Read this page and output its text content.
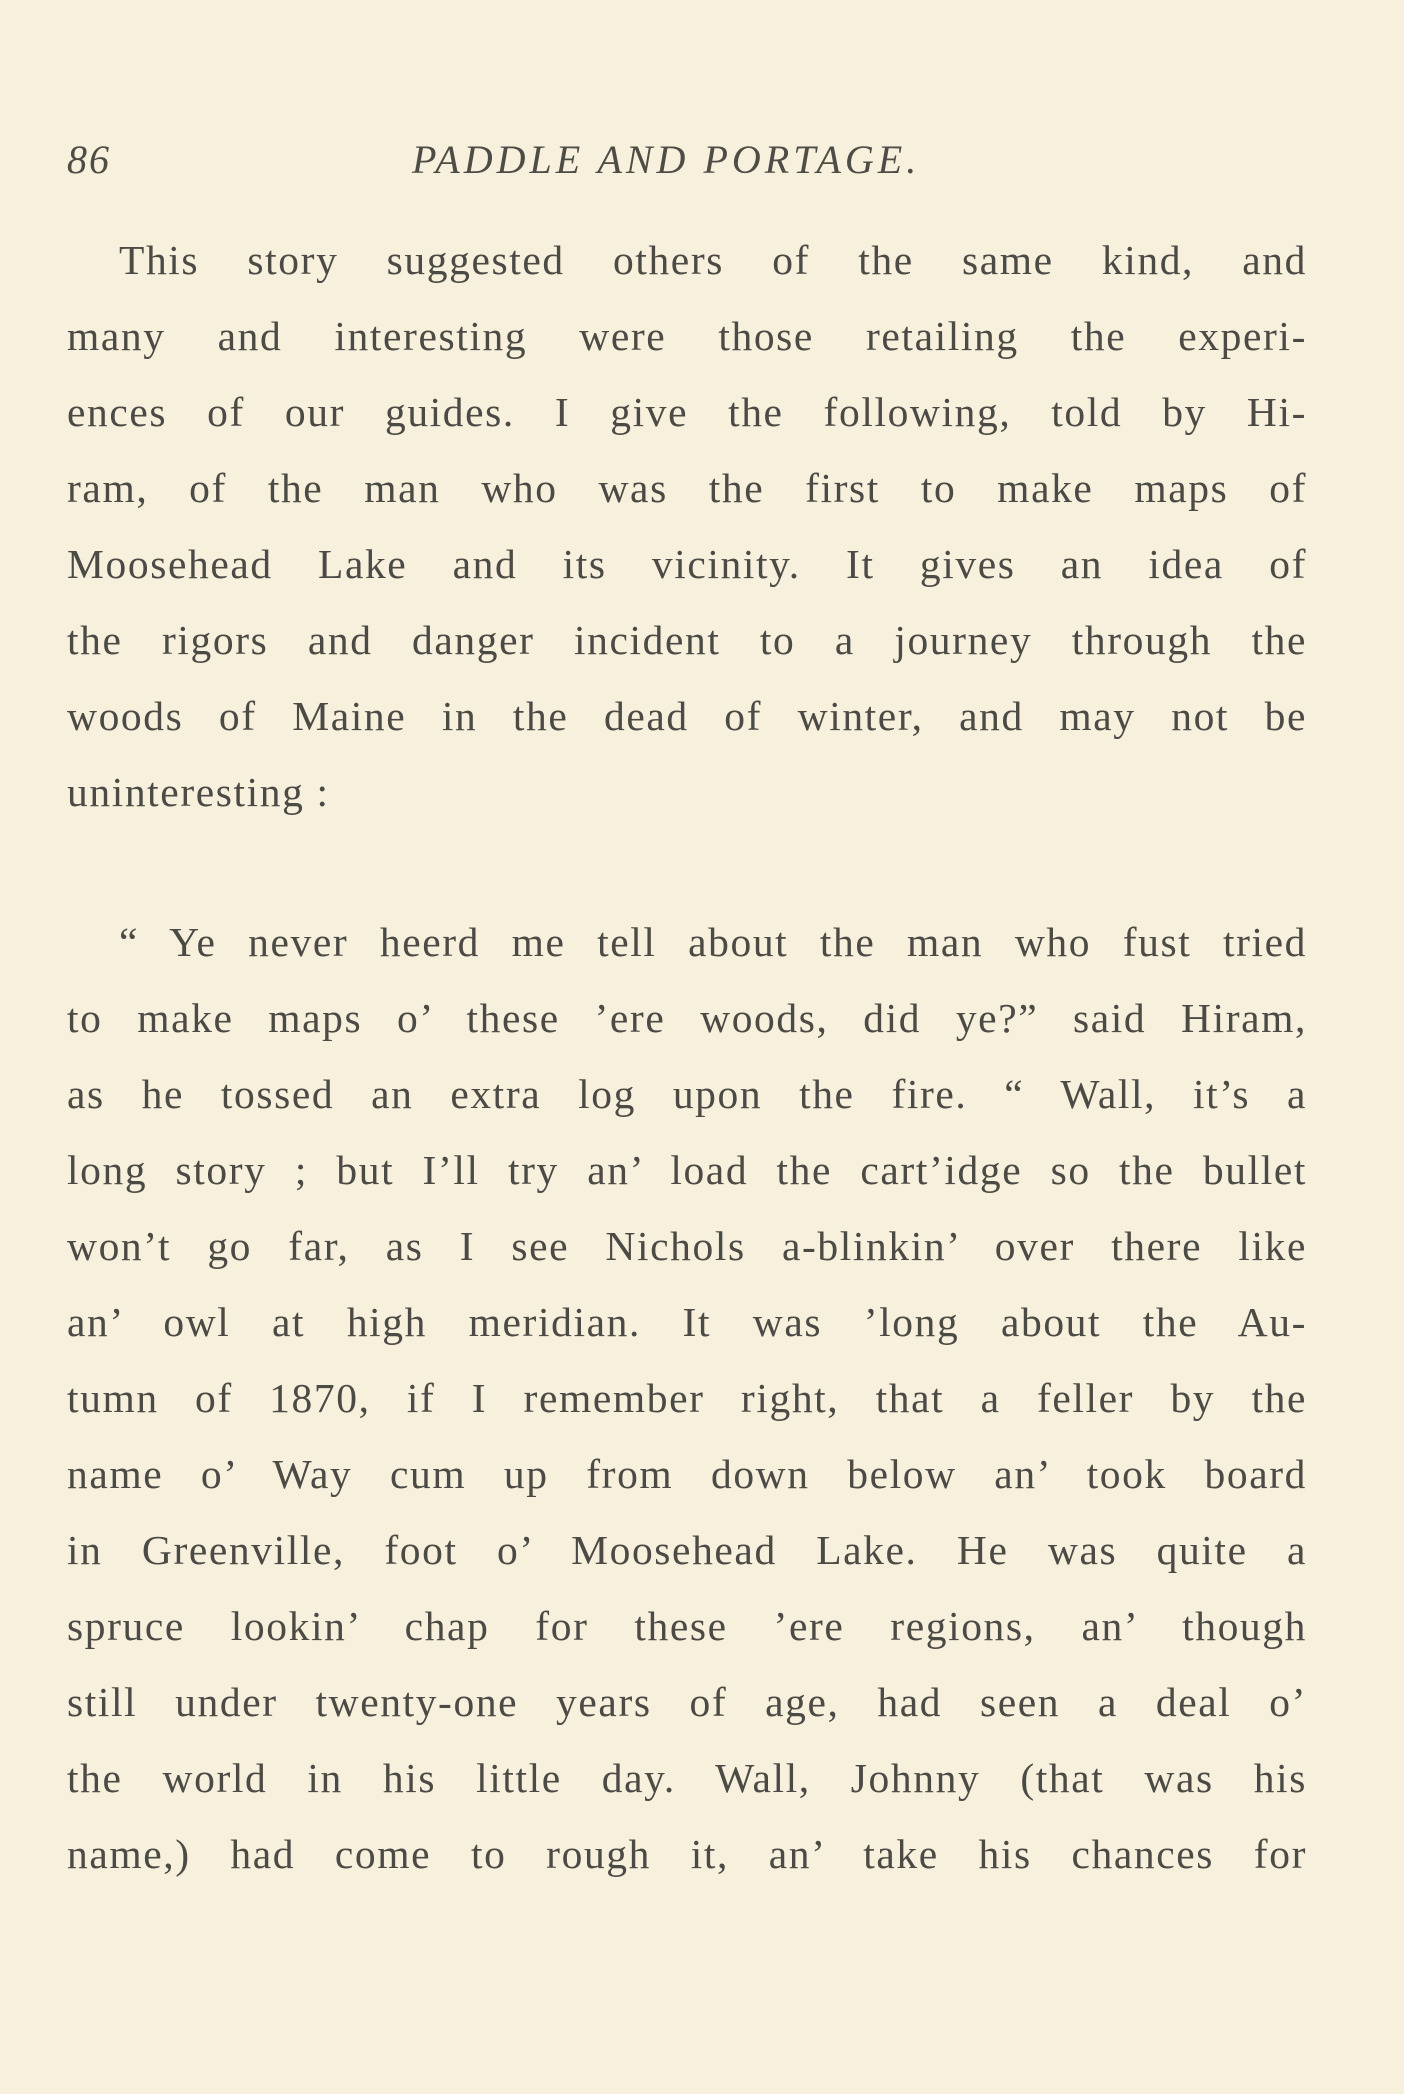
86	PADDLE AND PORTAGE.

This story suggested others of the same kind, and
many and interesting were those retailing the experi-
ences of our guides. I give the following, told by Hi-
ram, of the man who was the first to make maps of
Moosehead Lake and its vicinity. It gives an idea of
the rigors and danger incident to a journey through the
woods of Maine in the dead of winter, and may not be
uninteresting :

“ Ye never heerd me tell about the man who fust tried
to make maps o’ these ’ere woods, did ye?” said Hiram,
as he tossed an extra log upon the fire. “ Wall, it’s a
long story ; but I’ll try an’ load the cart’idge so the bullet
won’t go far, as I see Nichols a-blinkin’ over there like
an’ owl at high meridian. It was ’long about the Au-
tumn of 1870, if I remember right, that a feller by the
name o’ Way cum up from down below an’ took board
in Greenville, foot o’ Moosehead Lake. He was quite a
spruce lookin’ chap for these ’ere regions, an’ though
still under twenty-one years of age, had seen a deal o’
the world in his little day. Wall, Johnny (that was his
name,) had come to rough it, an’ take his chances for
